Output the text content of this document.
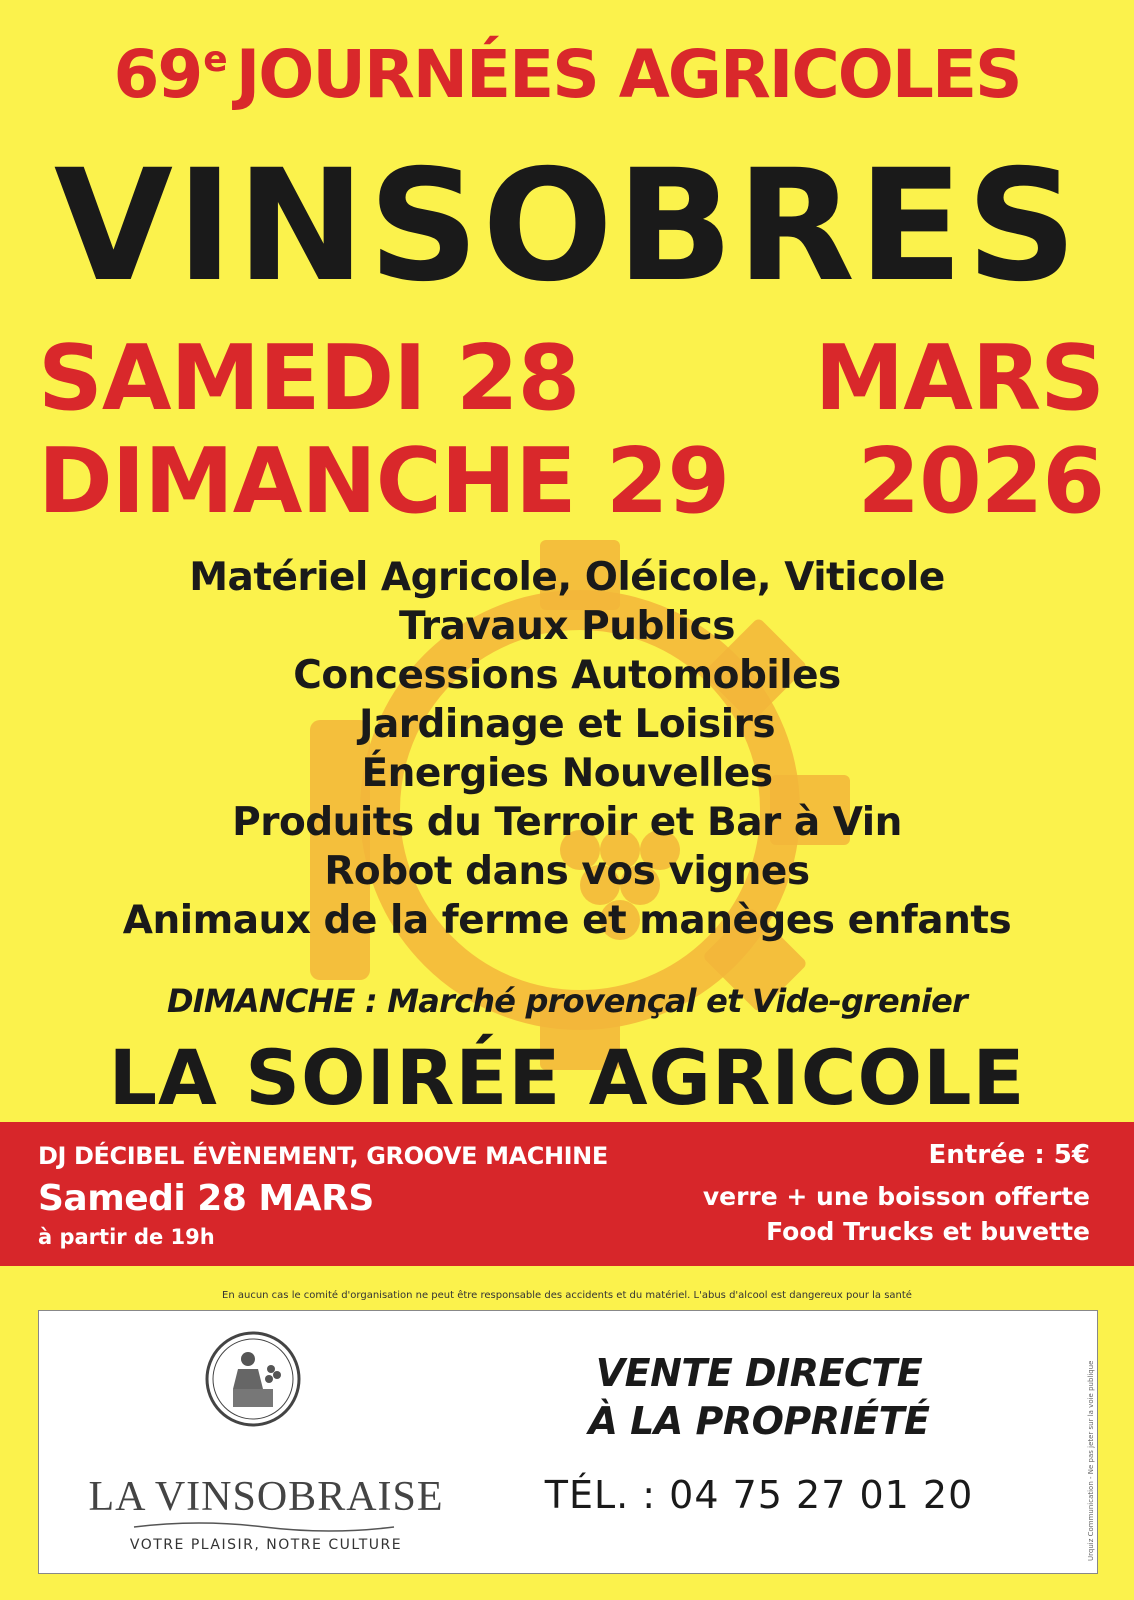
69e JOURNÉES AGRICOLES
VINSOBRES
SAMEDI 28
DIMANCHE 29
MARS
2026
Matériel Agricole, Oléicole, Viticole
Travaux Publics
Concessions Automobiles
Jardinage et Loisirs
Énergies Nouvelles
Produits du Terroir et Bar à Vin
Robot dans vos vignes
Animaux de la ferme et manèges enfants
DIMANCHE : Marché provençal et Vide-grenier
LA SOIRÉE AGRICOLE
DJ DÉCIBEL ÉVÈNEMENT, GROOVE MACHINE
Samedi 28 MARS
à partir de 19h
Entrée : 5€
verre + une boisson offerte
Food Trucks et buvette
En aucun cas le comité d'organisation ne peut être responsable des accidents et du matériel. L'abus d'alcool est dangereux pour la santé
Urquiz Communication - Ne pas jeter sur la voie publique
LA VINSOBRAISE
VOTRE PLAISIR, NOTRE CULTURE
VENTE DIRECTE
À LA PROPRIÉTÉ
TÉL. : 04 75 27 01 20
